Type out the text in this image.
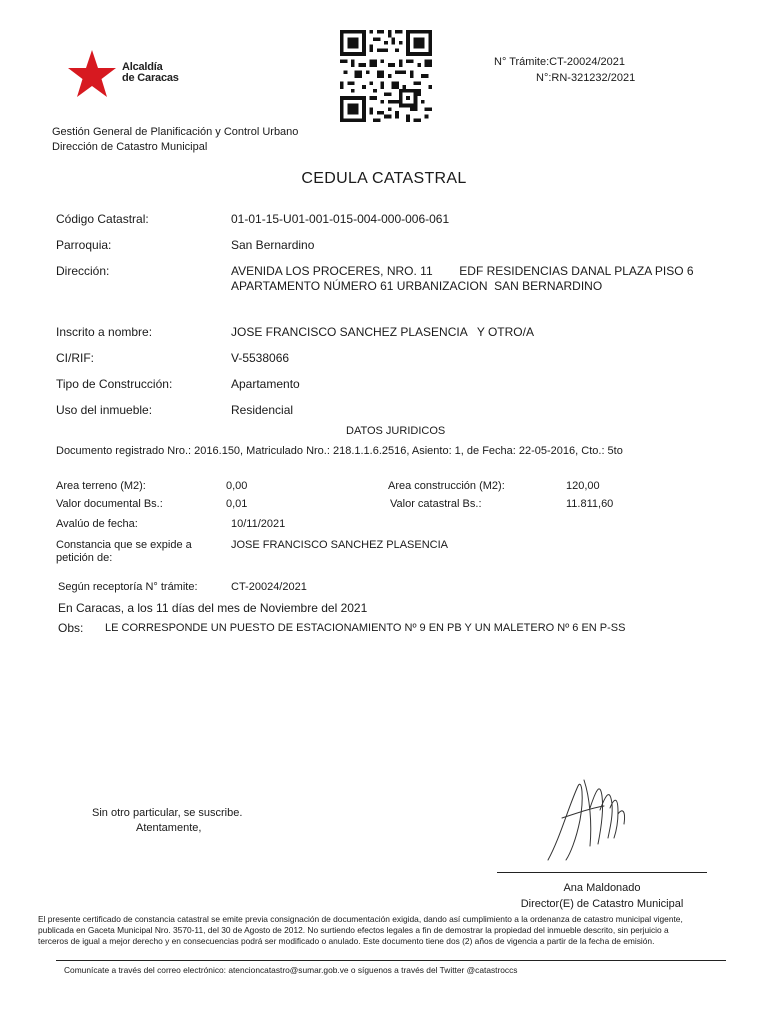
Alcaldía
de Caracas
N° Trámite:CT-20024/2021
N°:RN-321232/2021
Gestión General de Planificación y Control Urbano
Dirección de Catastro Municipal
CEDULA CATASTRAL
Código Catastral:	01-01-15-U01-001-015-004-000-006-061
Parroquia:	San Bernardino
Dirección:	AVENIDA LOS PROCERES, NRO. 11        EDF RESIDENCIAS DANAL PLAZA PISO 6
APARTAMENTO NÚMERO 61 URBANIZACION  SAN BERNARDINO
Inscrito a nombre:	JOSE FRANCISCO SANCHEZ PLASENCIA   Y OTRO/A
CI/RIF:	V-5538066
Tipo de Construcción:	Apartamento
Uso del inmueble:	Residencial
DATOS JURIDICOS
Documento registrado Nro.: 2016.150, Matriculado Nro.: 218.1.1.6.2516, Asiento: 1, de Fecha: 22-05-2016, Cto.: 5to
Area terreno (M2):	0,00	Area construcción (M2):	120,00
Valor documental Bs.:	0,01	Valor catastral Bs.:	11.811,60
Avalúo de fecha:	10/11/2021
Constancia que se expide a
petición de:
JOSE FRANCISCO SANCHEZ PLASENCIA
Según receptoría N° trámite:	CT-20024/2021
En Caracas, a los 11 días del mes de Noviembre del 2021
Obs: LE CORRESPONDE UN PUESTO DE ESTACIONAMIENTO Nº 9 EN PB Y UN MALETERO Nº 6 EN P-SS
Sin otro particular, se suscribe.
Atentamente,
Ana Maldonado
Director(E) de Catastro Municipal
El presente certificado de constancia catastral se emite previa consignación de documentación exigida, dando así cumplimiento a la ordenanza de catastro municipal vigente,
publicada en Gaceta Municipal Nro. 3570-11, del 30 de Agosto de 2012. No surtiendo efectos legales a fin de demostrar la propiedad del inmueble descrito, sin perjuicio a
terceros de igual a mejor derecho y en consecuencias podrá ser modificado o anulado. Este documento tiene dos (2) años de vigencia a partir de la fecha de emisión.
Comunícate a través del correo electrónico: atencioncatastro@sumar.gob.ve o síguenos a través del Twitter @catastroccs
